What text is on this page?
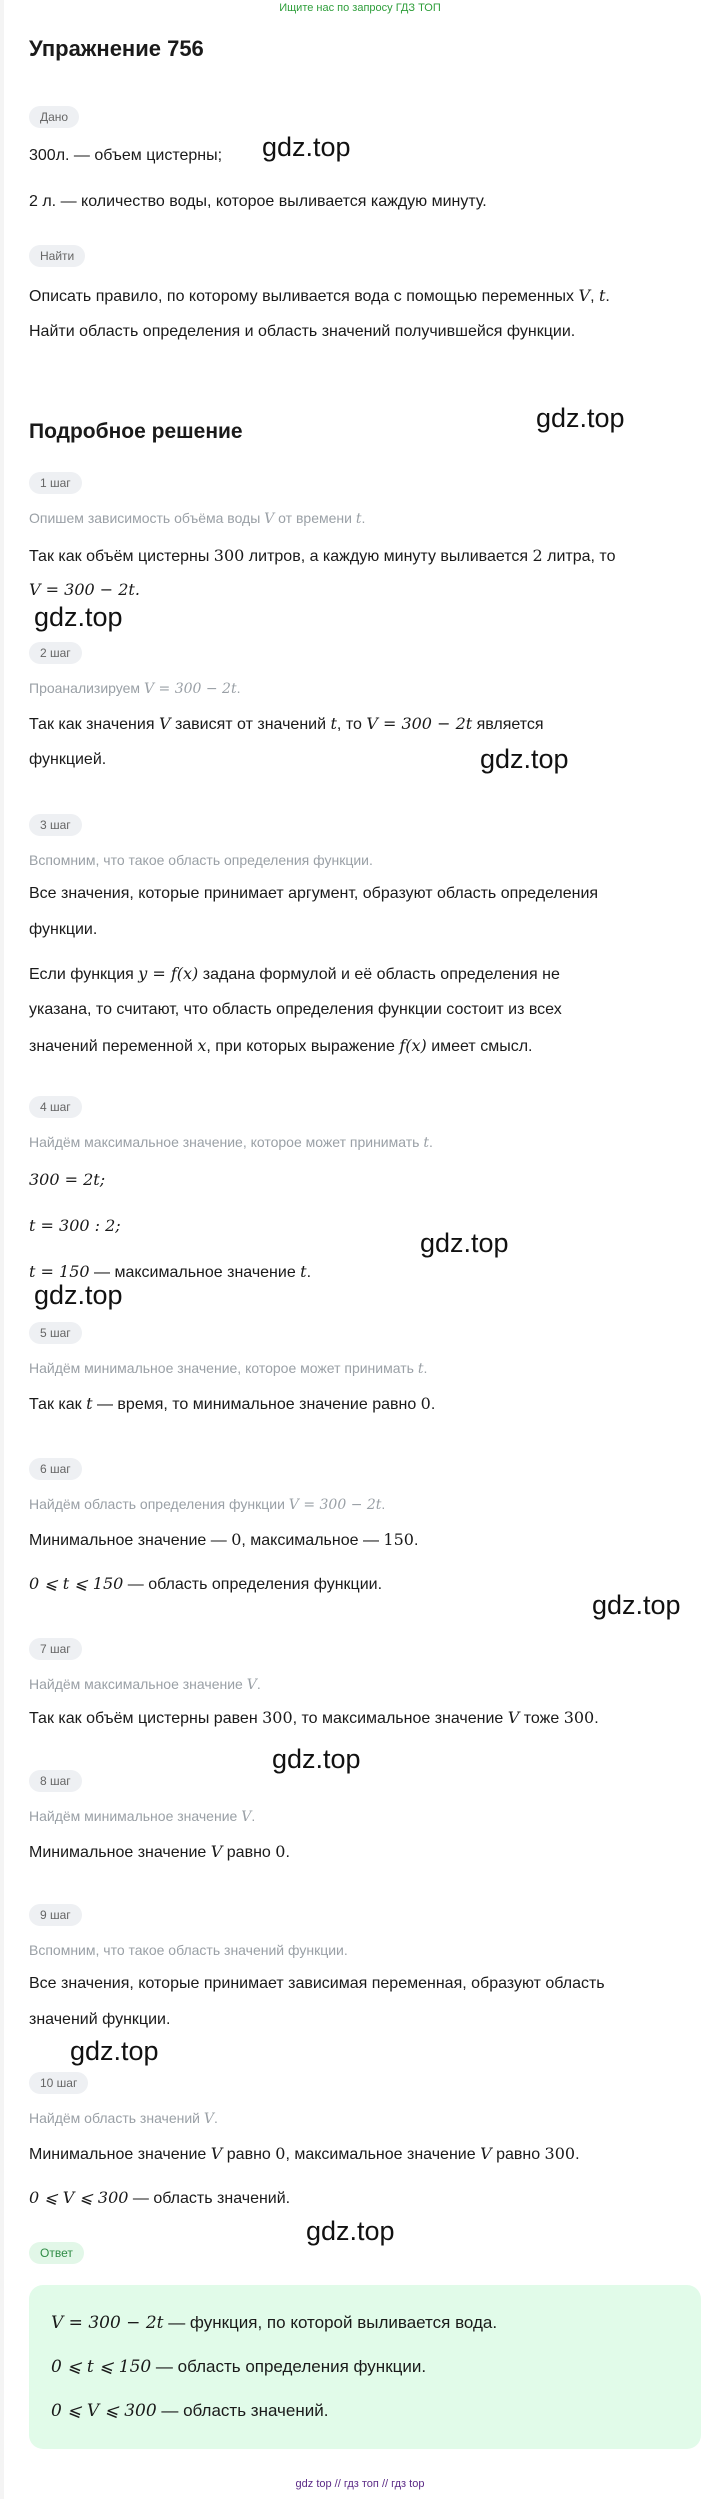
Ищите нас по запросу ГДЗ ТОП
Упражнение 756
Дано
300л. — объем цистерны;
2 л. — количество воды, которое выливается каждую минуту.
Найти
Описать правило, по которому выливается вода с помощью переменных V, t.
Найти область определения и область значений получившейся функции.
Подробное решение
1 шаг
Опишем зависимость объёма воды V от времени t.
Так как объём цистерны 300 литров, а каждую минуту выливается 2 литра, то
V = 300 − 2t.
2 шаг
Проанализируем V = 300 − 2t.
Так как значения V зависят от значений t, то V = 300 − 2t является
функцией.
3 шаг
Вспомним, что такое область определения функции.
Все значения, которые принимает аргумент, образуют область определения
функции.
Если функция y = f(x) задана формулой и её область определения не
указана, то считают, что область определения функции состоит из всех
значений переменной x, при которых выражение f(x) имеет смысл.
4 шаг
Найдём максимальное значение, которое может принимать t.
300 = 2t;
t = 300 : 2;
t = 150 — максимальное значение t.
5 шаг
Найдём минимальное значение, которое может принимать t.
Так как t — время, то минимальное значение равно 0.
6 шаг
Найдём область определения функции V = 300 − 2t.
Минимальное значение — 0, максимальное — 150.
0 ⩽ t ⩽ 150 — область определения функции.
7 шаг
Найдём максимальное значение V.
Так как объём цистерны равен 300, то максимальное значение V тоже 300.
8 шаг
Найдём минимальное значение V.
Минимальное значение V равно 0.
9 шаг
Вспомним, что такое область значений функции.
Все значения, которые принимает зависимая переменная, образуют область
значений функции.
10 шаг
Найдём область значений V.
Минимальное значение V равно 0, максимальное значение V равно 300.
0 ⩽ V ⩽ 300 — область значений.
Ответ
V = 300 − 2t — функция, по которой выливается вода.
0 ⩽ t ⩽ 150 — область определения функции.
0 ⩽ V ⩽ 300 — область значений.
gdz.top
gdz.top
gdz.top
gdz.top
gdz.top
gdz.top
gdz.top
gdz.top
gdz.top
gdz.top
gdz top // гдз топ // гдз top
